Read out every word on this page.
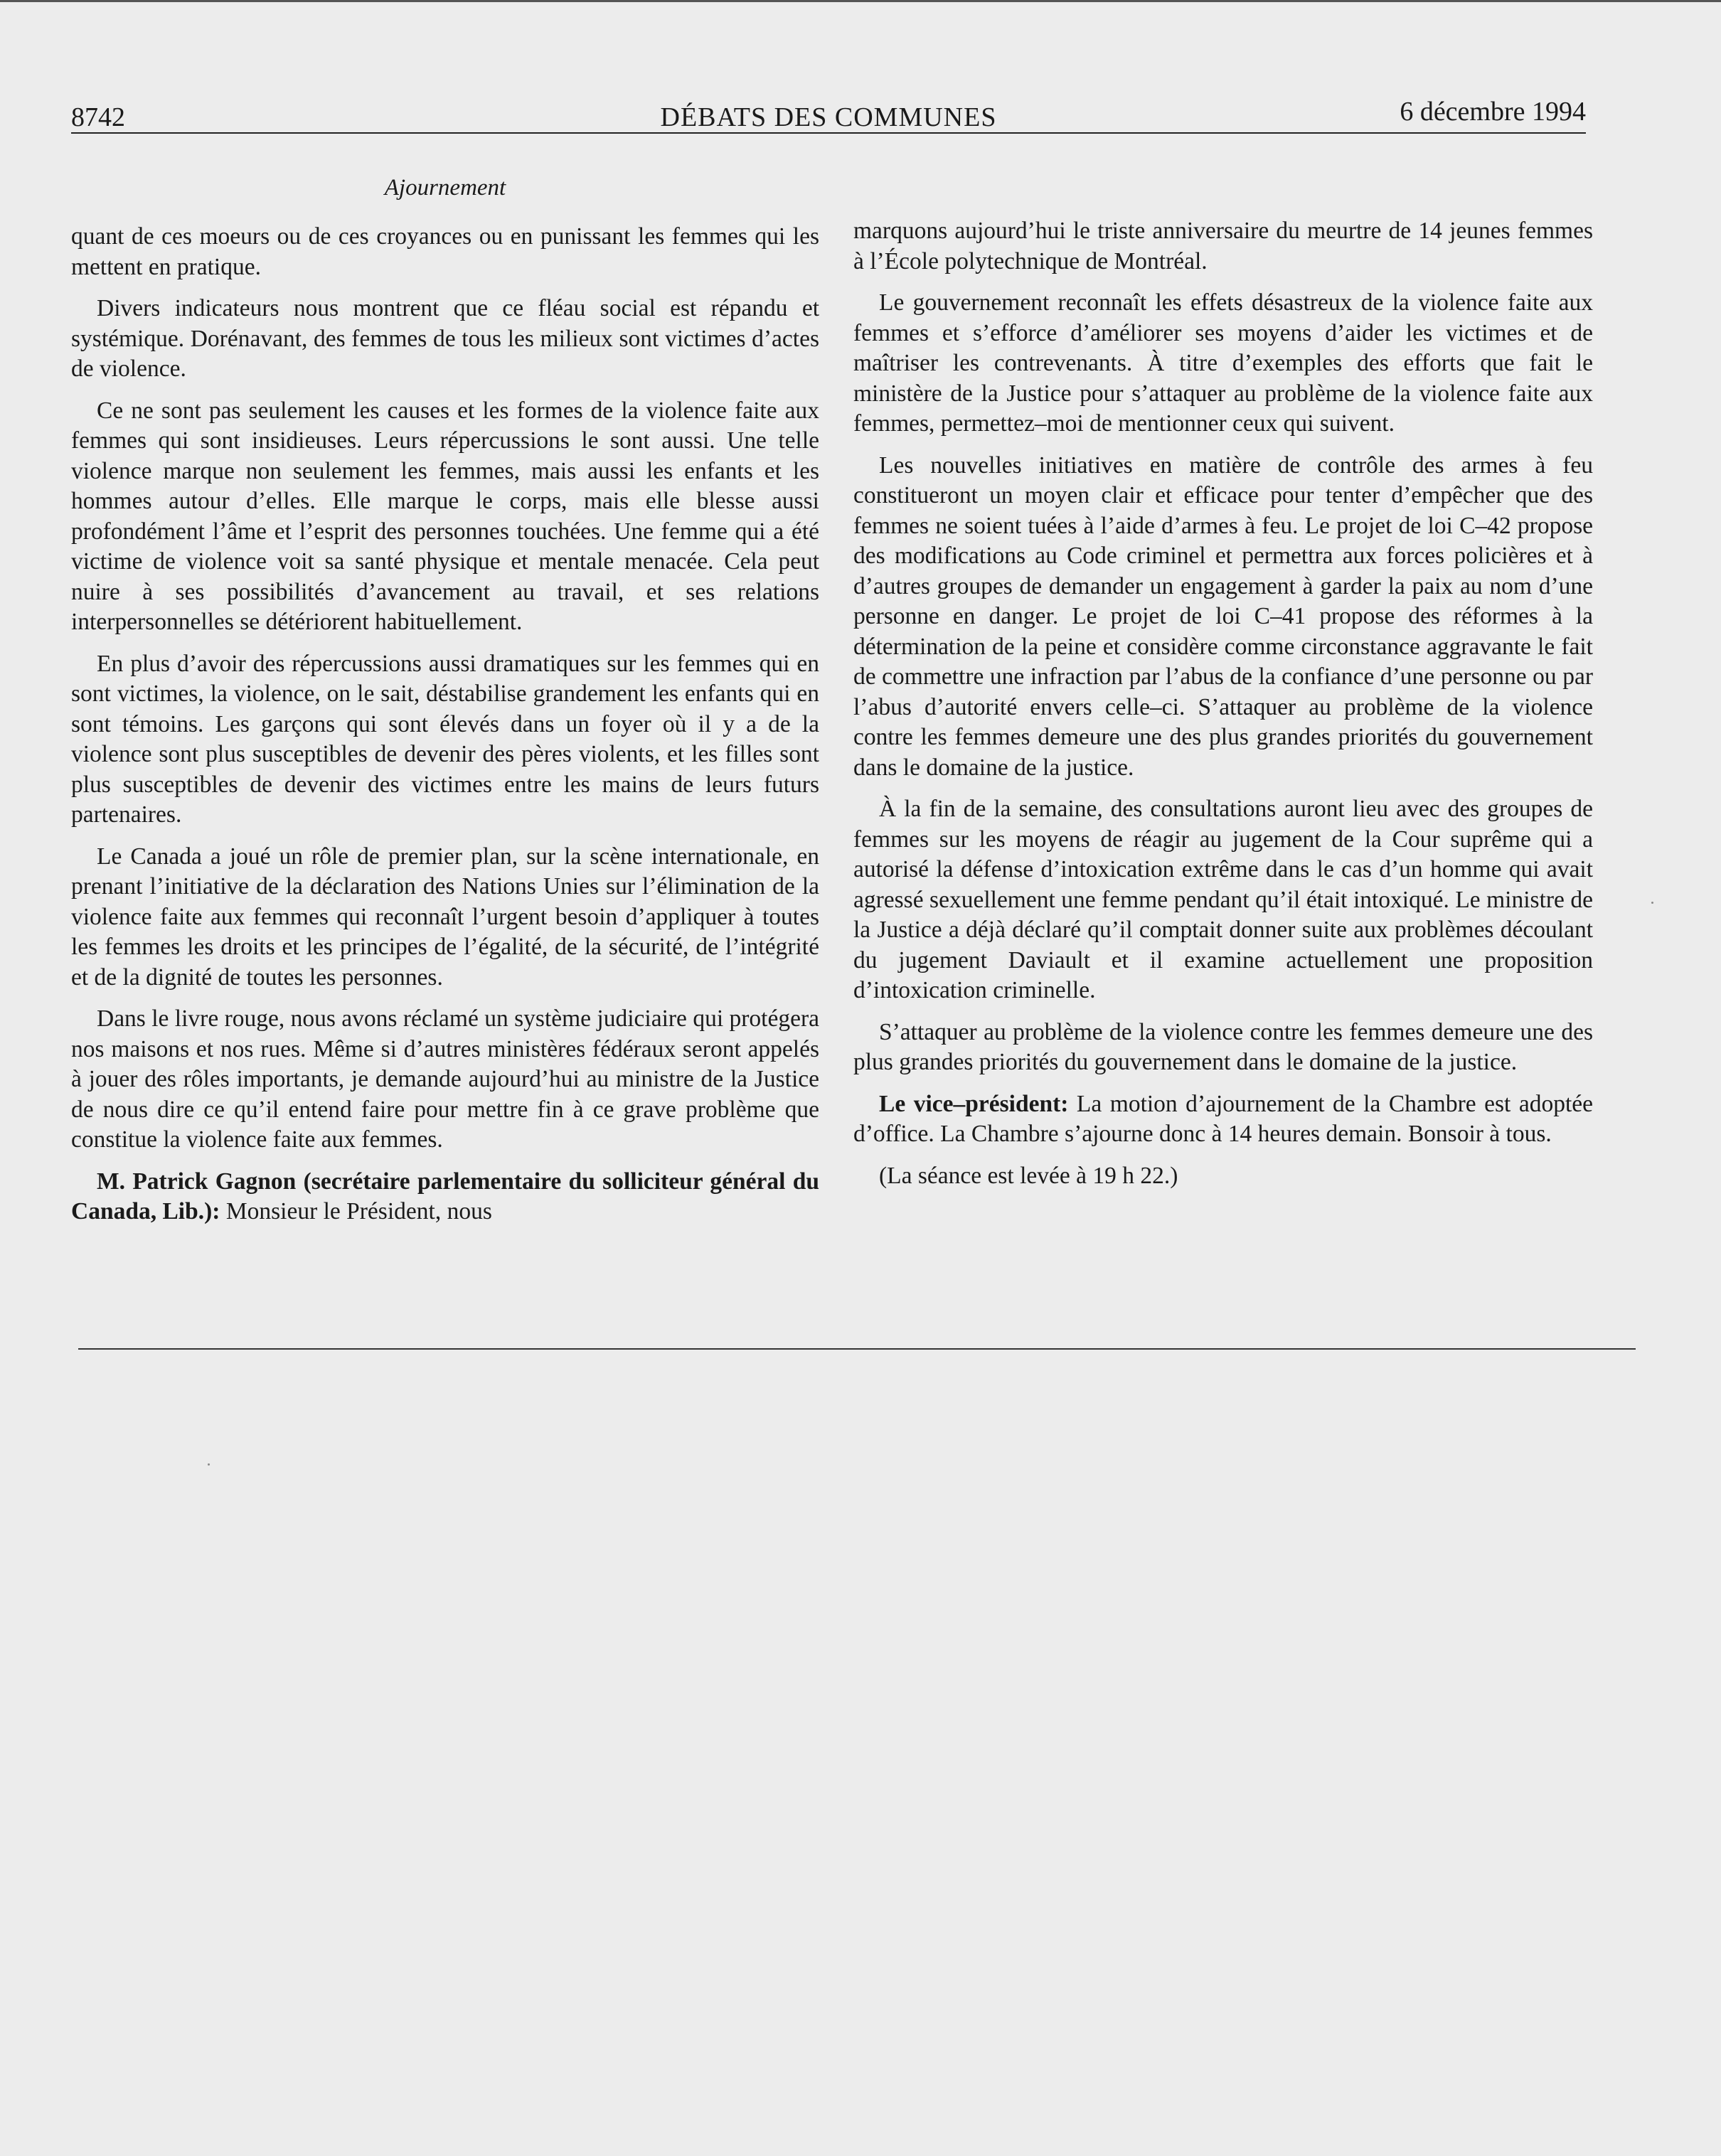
8742	DÉBATS DES COMMUNES	6 décembre 1994
Ajournement

quant de ces moeurs ou de ces croyances ou en punissant les femmes qui les mettent en pratique.

Divers indicateurs nous montrent que ce fléau social est répandu et systémique. Dorénavant, des femmes de tous les milieux sont victimes d’actes de violence.

Ce ne sont pas seulement les causes et les formes de la violence faite aux femmes qui sont insidieuses. Leurs répercussions le sont aussi. Une telle violence marque non seulement les femmes, mais aussi les enfants et les hommes autour d’elles. Elle marque le corps, mais elle blesse aussi profondément l’âme et l’esprit des personnes touchées. Une femme qui a été victime de violence voit sa santé physique et mentale menacée. Cela peut nuire à ses possibilités d’avancement au travail, et ses relations interpersonnelles se détériorent habituellement.

En plus d’avoir des répercussions aussi dramatiques sur les femmes qui en sont victimes, la violence, on le sait, déstabilise grandement les enfants qui en sont témoins. Les garçons qui sont élevés dans un foyer où il y a de la violence sont plus susceptibles de devenir des pères violents, et les filles sont plus susceptibles de devenir des victimes entre les mains de leurs futurs partenaires.

Le Canada a joué un rôle de premier plan, sur la scène internationale, en prenant l’initiative de la déclaration des Nations Unies sur l’élimination de la violence faite aux femmes qui reconnaît l’urgent besoin d’appliquer à toutes les femmes les droits et les principes de l’égalité, de la sécurité, de l’intégrité et de la dignité de toutes les personnes.

Dans le livre rouge, nous avons réclamé un système judiciaire qui protégera nos maisons et nos rues. Même si d’autres ministères fédéraux seront appelés à jouer des rôles importants, je demande aujourd’hui au ministre de la Justice de nous dire ce qu’il entend faire pour mettre fin à ce grave problème que constitue la violence faite aux femmes.

M. Patrick Gagnon (secrétaire parlementaire du solliciteur général du Canada, Lib.): Monsieur le Président, nous

marquons aujourd’hui le triste anniversaire du meurtre de 14 jeunes femmes à l’École polytechnique de Montréal.

Le gouvernement reconnaît les effets désastreux de la violence faite aux femmes et s’efforce d’améliorer ses moyens d’aider les victimes et de maîtriser les contrevenants. À titre d’exemples des efforts que fait le ministère de la Justice pour s’attaquer au problème de la violence faite aux femmes, permettez–moi de mentionner ceux qui suivent.

Les nouvelles initiatives en matière de contrôle des armes à feu constitueront un moyen clair et efficace pour tenter d’empêcher que des femmes ne soient tuées à l’aide d’armes à feu. Le projet de loi C–42 propose des modifications au Code criminel et permettra aux forces policières et à d’autres groupes de demander un engagement à garder la paix au nom d’une personne en danger. Le projet de loi C–41 propose des réformes à la détermination de la peine et considère comme circonstance aggravante le fait de commettre une infraction par l’abus de la confiance d’une personne ou par l’abus d’autorité envers celle–ci. S’attaquer au problème de la violence contre les femmes demeure une des plus grandes priorités du gouvernement dans le domaine de la justice.

À la fin de la semaine, des consultations auront lieu avec des groupes de femmes sur les moyens de réagir au jugement de la Cour suprême qui a autorisé la défense d’intoxication extrême dans le cas d’un homme qui avait agressé sexuellement une femme pendant qu’il était intoxiqué. Le ministre de la Justice a déjà déclaré qu’il comptait donner suite aux problèmes découlant du jugement Daviault et il examine actuellement une proposition d’intoxication criminelle.

S’attaquer au problème de la violence contre les femmes demeure une des plus grandes priorités du gouvernement dans le domaine de la justice.

Le vice–président: La motion d’ajournement de la Chambre est adoptée d’office. La Chambre s’ajourne donc à 14 heures demain. Bonsoir à tous.

(La séance est levée à 19 h 22.)
